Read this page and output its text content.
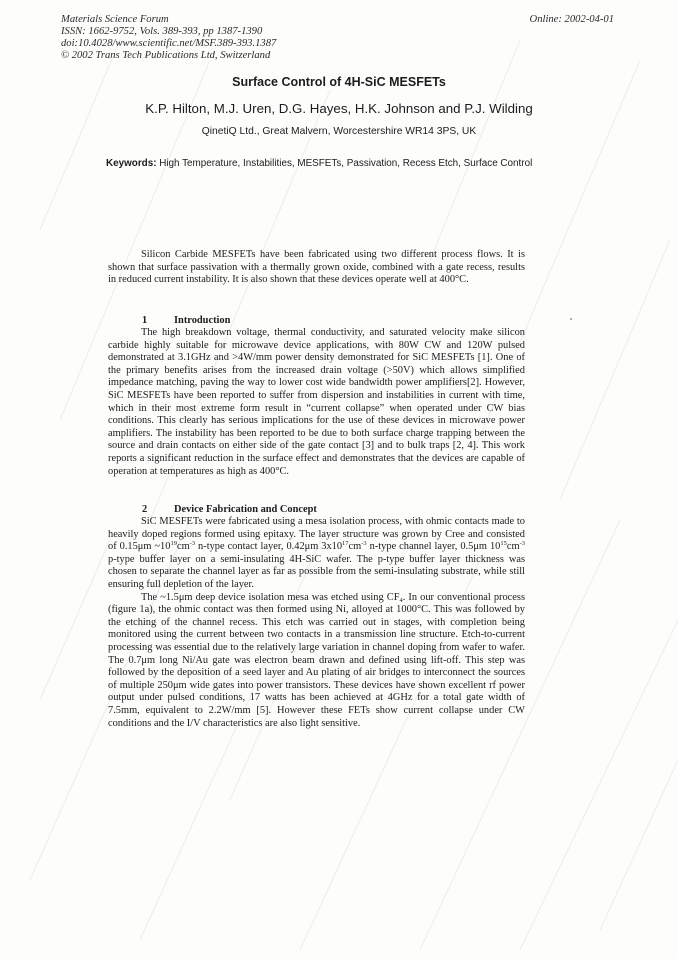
Materials Science Forum
ISSN: 1662-9752, Vols. 389-393, pp 1387-1390
doi:10.4028/www.scientific.net/MSF.389-393.1387
© 2002 Trans Tech Publications Ltd, Switzerland
Online: 2002-04-01
Surface Control of 4H-SiC MESFETs
K.P. Hilton, M.J. Uren, D.G. Hayes, H.K. Johnson and P.J. Wilding
QinetiQ Ltd., Great Malvern, Worcestershire WR14 3PS, UK
Keywords: High Temperature, Instabilities, MESFETs, Passivation, Recess Etch, Surface Control

Silicon Carbide MESFETs have been fabricated using two different process flows. It is shown that surface passivation with a thermally grown oxide, combined with a gate recess, results in reduced current instability. It is also shown that these devices operate well at 400°C.

1	Introduction

The high breakdown voltage, thermal conductivity, and saturated velocity make silicon carbide highly suitable for microwave device applications, with 80W CW and 120W pulsed demonstrated at 3.1GHz and >4W/mm power density demonstrated for SiC MESFETs [1]. One of the primary benefits arises from the increased drain voltage (>50V) which allows simplified impedance matching, paving the way to lower cost wide bandwidth power amplifiers[2]. However, SiC MESFETs have been reported to suffer from dispersion and instabilities in current with time, which in their most extreme form result in “current collapse” when operated under CW bias conditions. This clearly has serious implications for the use of these devices in microwave power amplifiers. The instability has been reported to be due to both surface charge trapping between the source and drain contacts on either side of the gate contact [3] and to bulk traps [2, 4]. This work reports a significant reduction in the surface effect and demonstrates that the devices are capable of operation at temperatures as high as 400°C.

2	Device Fabrication and Concept

SiC MESFETs were fabricated using a mesa isolation process, with ohmic contacts made to heavily doped regions formed using epitaxy. The layer structure was grown by Cree and consisted of 0.15μm $\sim 10^{19}cm^{-3}$ n-type contact layer, 0.42μm $3x10^{17}cm^{-3}$ n-type channel layer, 0.5μm $10^{15}cm^{-3}$ p-type buffer layer on a semi-insulating 4H-SiC wafer. The p-type buffer layer thickness was chosen to separate the channel layer as far as possible from the semi-insulating substrate, while still ensuring full depletion of the layer.

The ~1.5μm deep device isolation mesa was etched using $CF_4$. In our conventional process (figure 1a), the ohmic contact was then formed using Ni, alloyed at 1000°C. This was followed by the etching of the channel recess. This etch was carried out in stages, with completion being monitored using the current between two contacts in a transmission line structure. Etch-to-current processing was essential due to the relatively large variation in channel doping from wafer to wafer. The 0.7μm long Ni/Au gate was electron beam drawn and defined using lift-off. This step was followed by the deposition of a seed layer and Au plating of air bridges to interconnect the sources of multiple 250μm wide gates into power transistors. These devices have shown excellent rf power output under pulsed conditions, 17 watts has been achieved at 4GHz for a total gate width of 7.5mm, equivalent to 2.2W/mm [5]. However these FETs show current collapse under CW conditions and the I/V characteristics are also light sensitive.
